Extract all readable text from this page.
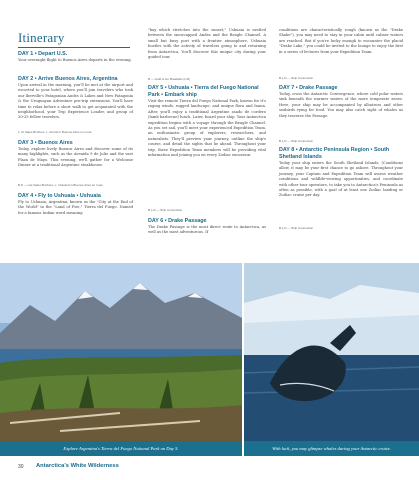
Itinerary
DAY 1 • Depart U.S.
Your overnight flight to Buenos Aires departs in the evening.
DAY 2 • Arrive Buenos Aires, Argentina
Upon arrival in the morning, you'll be met at the airport and escorted to your hotel, where you'll join travelers who took our Iberville's Patagonian Andes & Lakes and New Patagonia & the Uruguayan Adventure pre-trip extensions. You'll have time to relax before a short walk to get acquainted with the neighborhood, your Trip Experience Leader, and group of 20-25 fellow travelers.
L: At Sales Brothers, L: Arrival in Buenos Aires en route
DAY 3 • Buenos Aires
Today, explore lively Buenos Aires and discover some of its many highlights, such as the Avenida 9 de Julio and the vast Plaza de Mayo. This evening, we'll gather for a Welcome Dinner at a traditional Argentine steakhouse.
B,D — Las Sales Brothers, L: Included in Buenos Aires en route
DAY 4 • Fly to Ushuaia • Ushuaia
Fly to Ushuaia, Argentina, known as the "City at the End of the World" in the "Land of Fire," Tierra del Fuego. Named for a famous Indian word meaning
"bay which stretches into the sunset," Ushuaia is nestled between the snowcapped Andes and the Beagle Channel. A small but busy port with a frontier atmosphere, Ushuaia bustles with the activity of travelers going to and returning from Antarctica. You'll discover this unique city during your guided tour.
B — Grab & Go Breakfast (L/D)
DAY 5 • Ushuaia • Tierra del Fuego National Park • Embark ship
Visit the remote Tierra del Fuego National Park, known for it's raging winds, rugged landscape, and unique flora and fauna. After, you'll enjoy a traditional Argentine asado de cordero (lamb barbecue) lunch. Later, board your ship. Your Antarctica expedition begins with a voyage through the Beagle Channel. As you set sail, you'll meet your experienced Expedition Team, an enthusiastic group of explorers, researchers, and naturalists. They'll preview your journey, outline the ship's course, and detail the sights that lie ahead. Throughout your trip, these Expedition Team members will be providing vital information and joining you on every Zodiac excursion.
B,L,D — Ship Connection
DAY 6 • Drake Passage
The Drake Passage is the most direct route to Antarctica, as well as the most adventurous. If
conditions are characteristically rough (known as the "Drake Shake"), you may need to stay in your cabin until calmer waters are reached. But if you're lucky enough to encounter the placid "Drake Lake," you could be invited to the lounge to enjoy the first in a series of lectures from your Expedition Team.
B,L,D — Ship Connection
DAY 7 • Drake Passage
Today, cross the Antarctic Convergence, where cold polar waters sink beneath the warmer waters of the more temperate zones. Here, your ship may be accompanied by albatross and other seabirds vying for food. You may also catch sight of whales as they traverse the Passage.
B,L,D — Ship Connection
DAY 8 • Antarctic Peninsula Region • South Shetland Islands
Today your ship enters the South Shetland Islands. (Conditions allow, it may be your first chance to go ashore. Throughout your journey, your Captain and Expedition Team will assess weather conditions and wildlife-viewing opportunities, and coordinate with other tour operators, to take you to Antarctica's Peninsula as often as possible, with a goal of at least one Zodiac landing or Zodiac cruise per day.
B,L,D — Ship Connection
Explore Argentina's Tierra del Fuego National Park on Day 5.	With luck, you may glimpse whales during your Antarctic cruise.
30 Antarctica's White Wilderness
